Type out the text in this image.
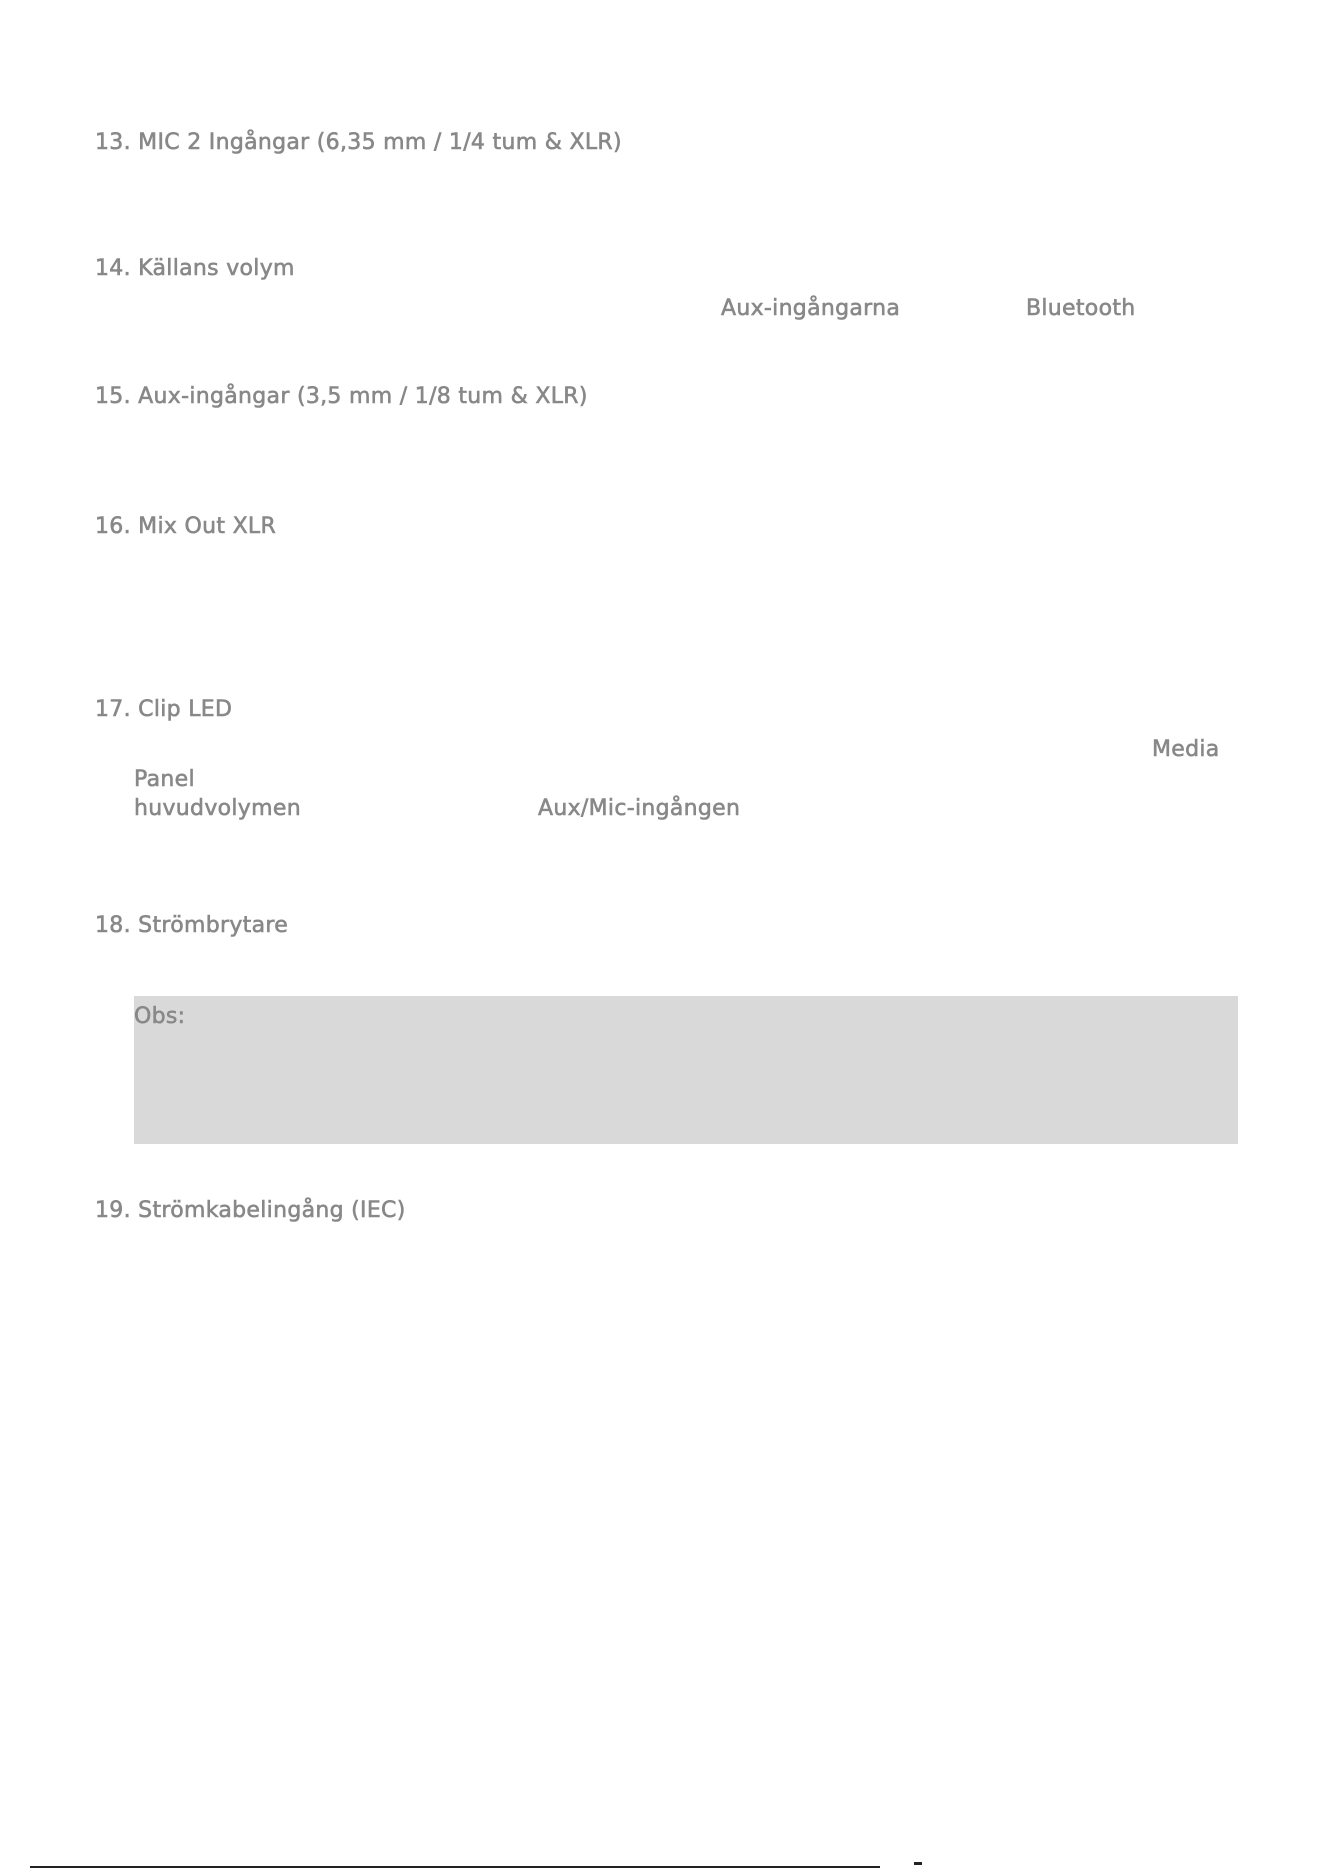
13. MIC 2 Ingångar (6,35 mm / 1/4 tum & XLR)
14. Källans volym
Aux-ingångarna	Bluetooth
15. Aux-ingångar (3,5 mm / 1/8 tum & XLR)
16. Mix Out XLR
17. Clip LED
Media
Panel
huvudvolymen	Aux/Mic-ingången
18. Strömbrytare
Obs:
19. Strömkabelingång (IEC)
